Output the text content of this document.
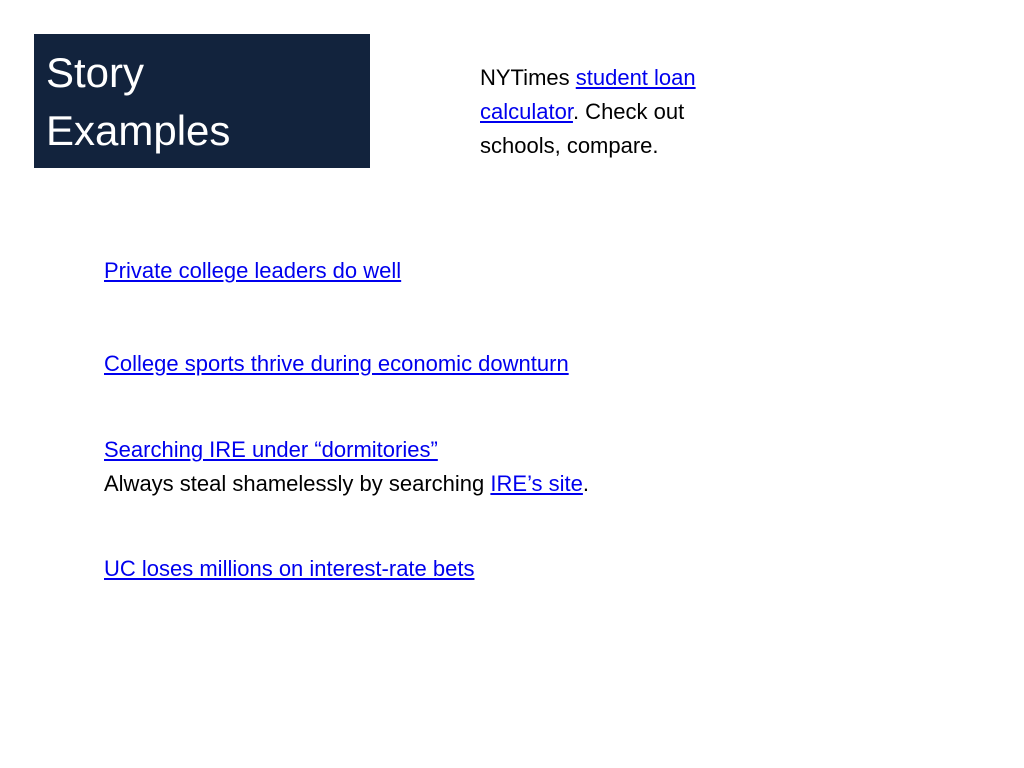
Story
Examples
NYTimes student loan calculator. Check out schools, compare.
Private college leaders do well
College sports thrive during economic downturn
Searching IRE under “dormitories”
Always steal shamelessly by searching IRE’s site.
UC loses millions on interest-rate bets
